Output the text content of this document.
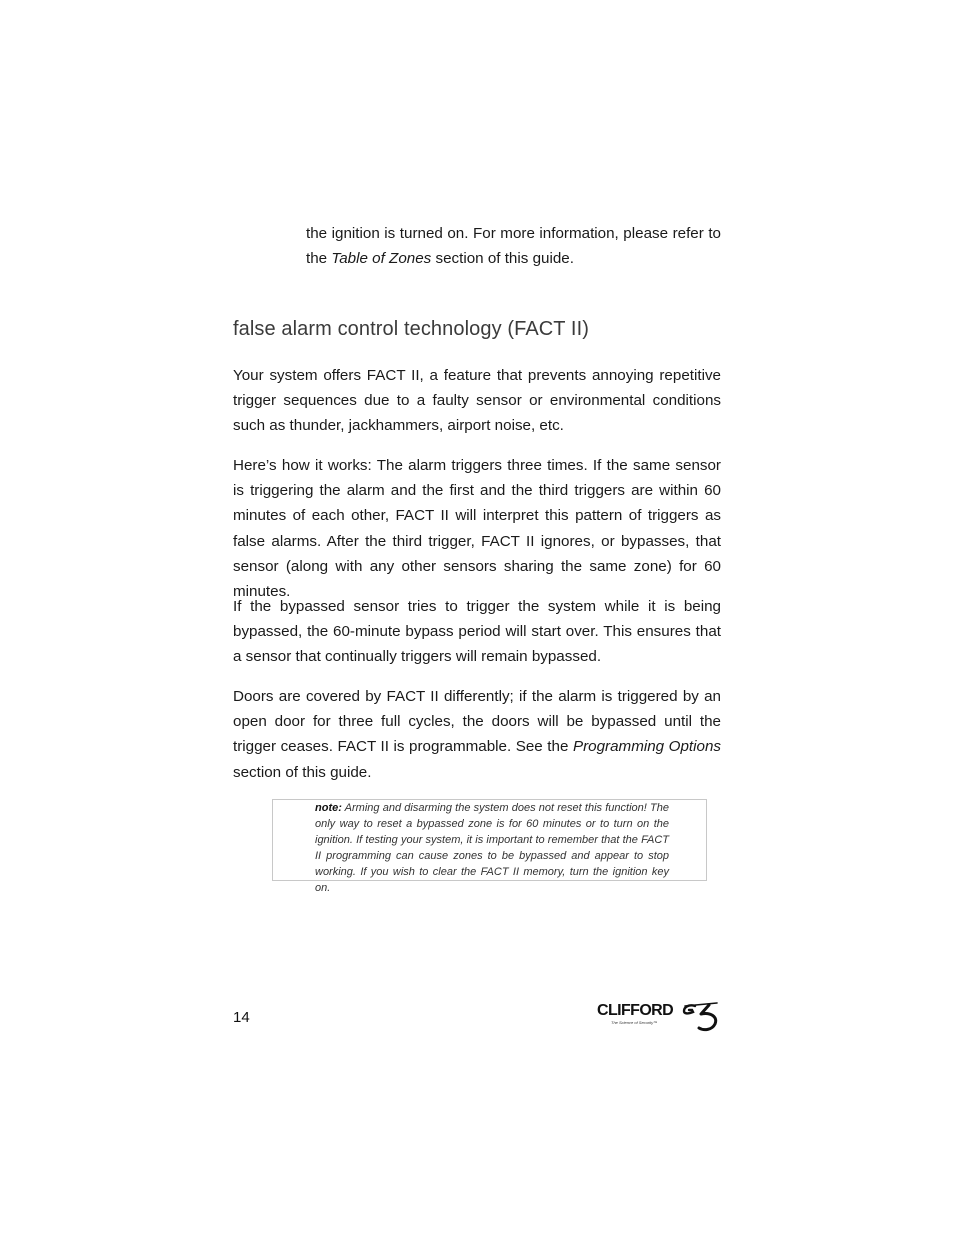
the ignition is turned on. For more information, please refer to the Table of Zones section of this guide.

false alarm control technology (FACT II)

Your system offers FACT II, a feature that prevents annoying repetitive trigger sequences due to a faulty sensor or environmental conditions such as thunder, jackhammers, airport noise, etc.

Here’s how it works: The alarm triggers three times. If the same sensor is triggering the alarm and the first and the third triggers are within 60 minutes of each other, FACT II will interpret this pattern of triggers as false alarms. After the third trigger, FACT II ignores, or bypasses, that sensor (along with any other sensors sharing the same zone) for 60 minutes.

If the bypassed sensor tries to trigger the system while it is being bypassed, the 60-minute bypass period will start over. This ensures that a sensor that continually triggers will remain bypassed.

Doors are covered by FACT II differently; if the alarm is triggered by an open door for three full cycles, the doors will be bypassed until the trigger ceases. FACT II is programmable. See the Programming Options section of this guide.

note: Arming and disarming the system does not reset this function! The only way to reset a bypassed zone is for 60 minutes or to turn on the ignition. If testing your system, it is important to remember that the FACT II programming can cause zones to be bypassed and appear to stop working. If you wish to clear the FACT II memory, turn the ignition key on.

14	CLIFFORD
The Science of Security™
